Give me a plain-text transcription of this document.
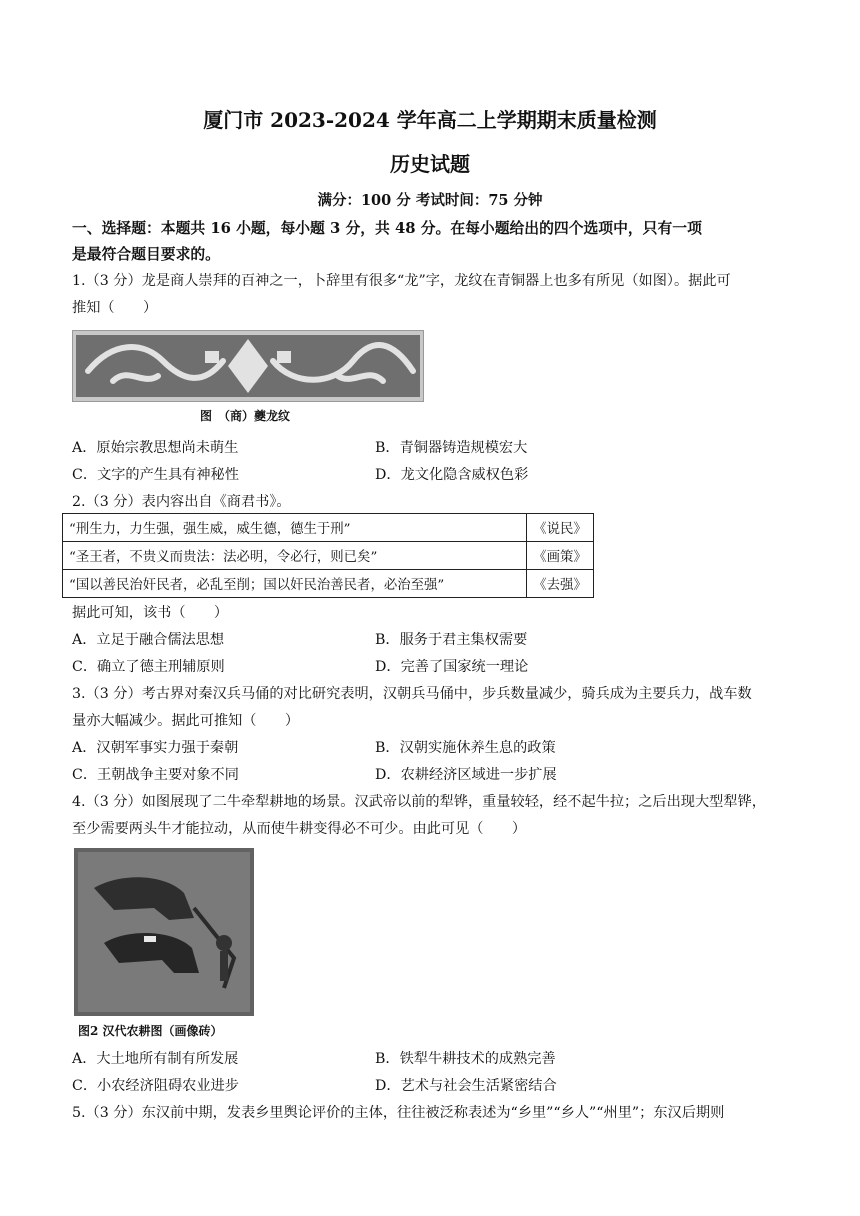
厦门市 2023-2024 学年高二上学期期末质量检测
历史试题
满分：100 分 考试时间：75 分钟
一、选择题：本题共 16 小题，每小题 3 分，共 48 分。在每小题给出的四个选项中，只有一项
是最符合题目要求的。
1.（3 分）龙是商人崇拜的百神之一，卜辞里有很多“龙”字，龙纹在青铜器上也多有所见（如图）。据此可
推知（　　）
图　（商）夔龙纹
A．原始宗教思想尚未萌生	B．青铜器铸造规模宏大
C．文字的产生具有神秘性	D．龙文化隐含威权色彩
2.（3 分）表内容出自《商君书》。
“刑生力，力生强，强生威，威生德，德生于刑”	《说民》
“圣王者，不贵义而贵法：法必明，令必行，则已矣”	《画策》
“国以善民治奸民者，必乱至削；国以奸民治善民者，必治至强”	《去强》
据此可知，该书（　　）
A．立足于融合儒法思想	B．服务于君主集权需要
C．确立了德主刑辅原则	D．完善了国家统一理论
3.（3 分）考古界对秦汉兵马俑的对比研究表明，汉朝兵马俑中，步兵数量减少，骑兵成为主要兵力，战车数
量亦大幅减少。据此可推知（　　）
A．汉朝军事实力强于秦朝	B．汉朝实施休养生息的政策
C．王朝战争主要对象不同	D．农耕经济区域进一步扩展
4.（3 分）如图展现了二牛牵犁耕地的场景。汉武帝以前的犁铧，重量较轻，经不起牛拉；之后出现大型犁铧，
至少需要两头牛才能拉动，从而使牛耕变得必不可少。由此可见（　　）
图2 汉代农耕图（画像砖）
A．大土地所有制有所发展	B．铁犁牛耕技术的成熟完善
C．小农经济阻碍农业进步	D．艺术与社会生活紧密结合
5.（3 分）东汉前中期，发表乡里舆论评价的主体，往往被泛称表述为“乡里”“乡人”“州里”；东汉后期则
